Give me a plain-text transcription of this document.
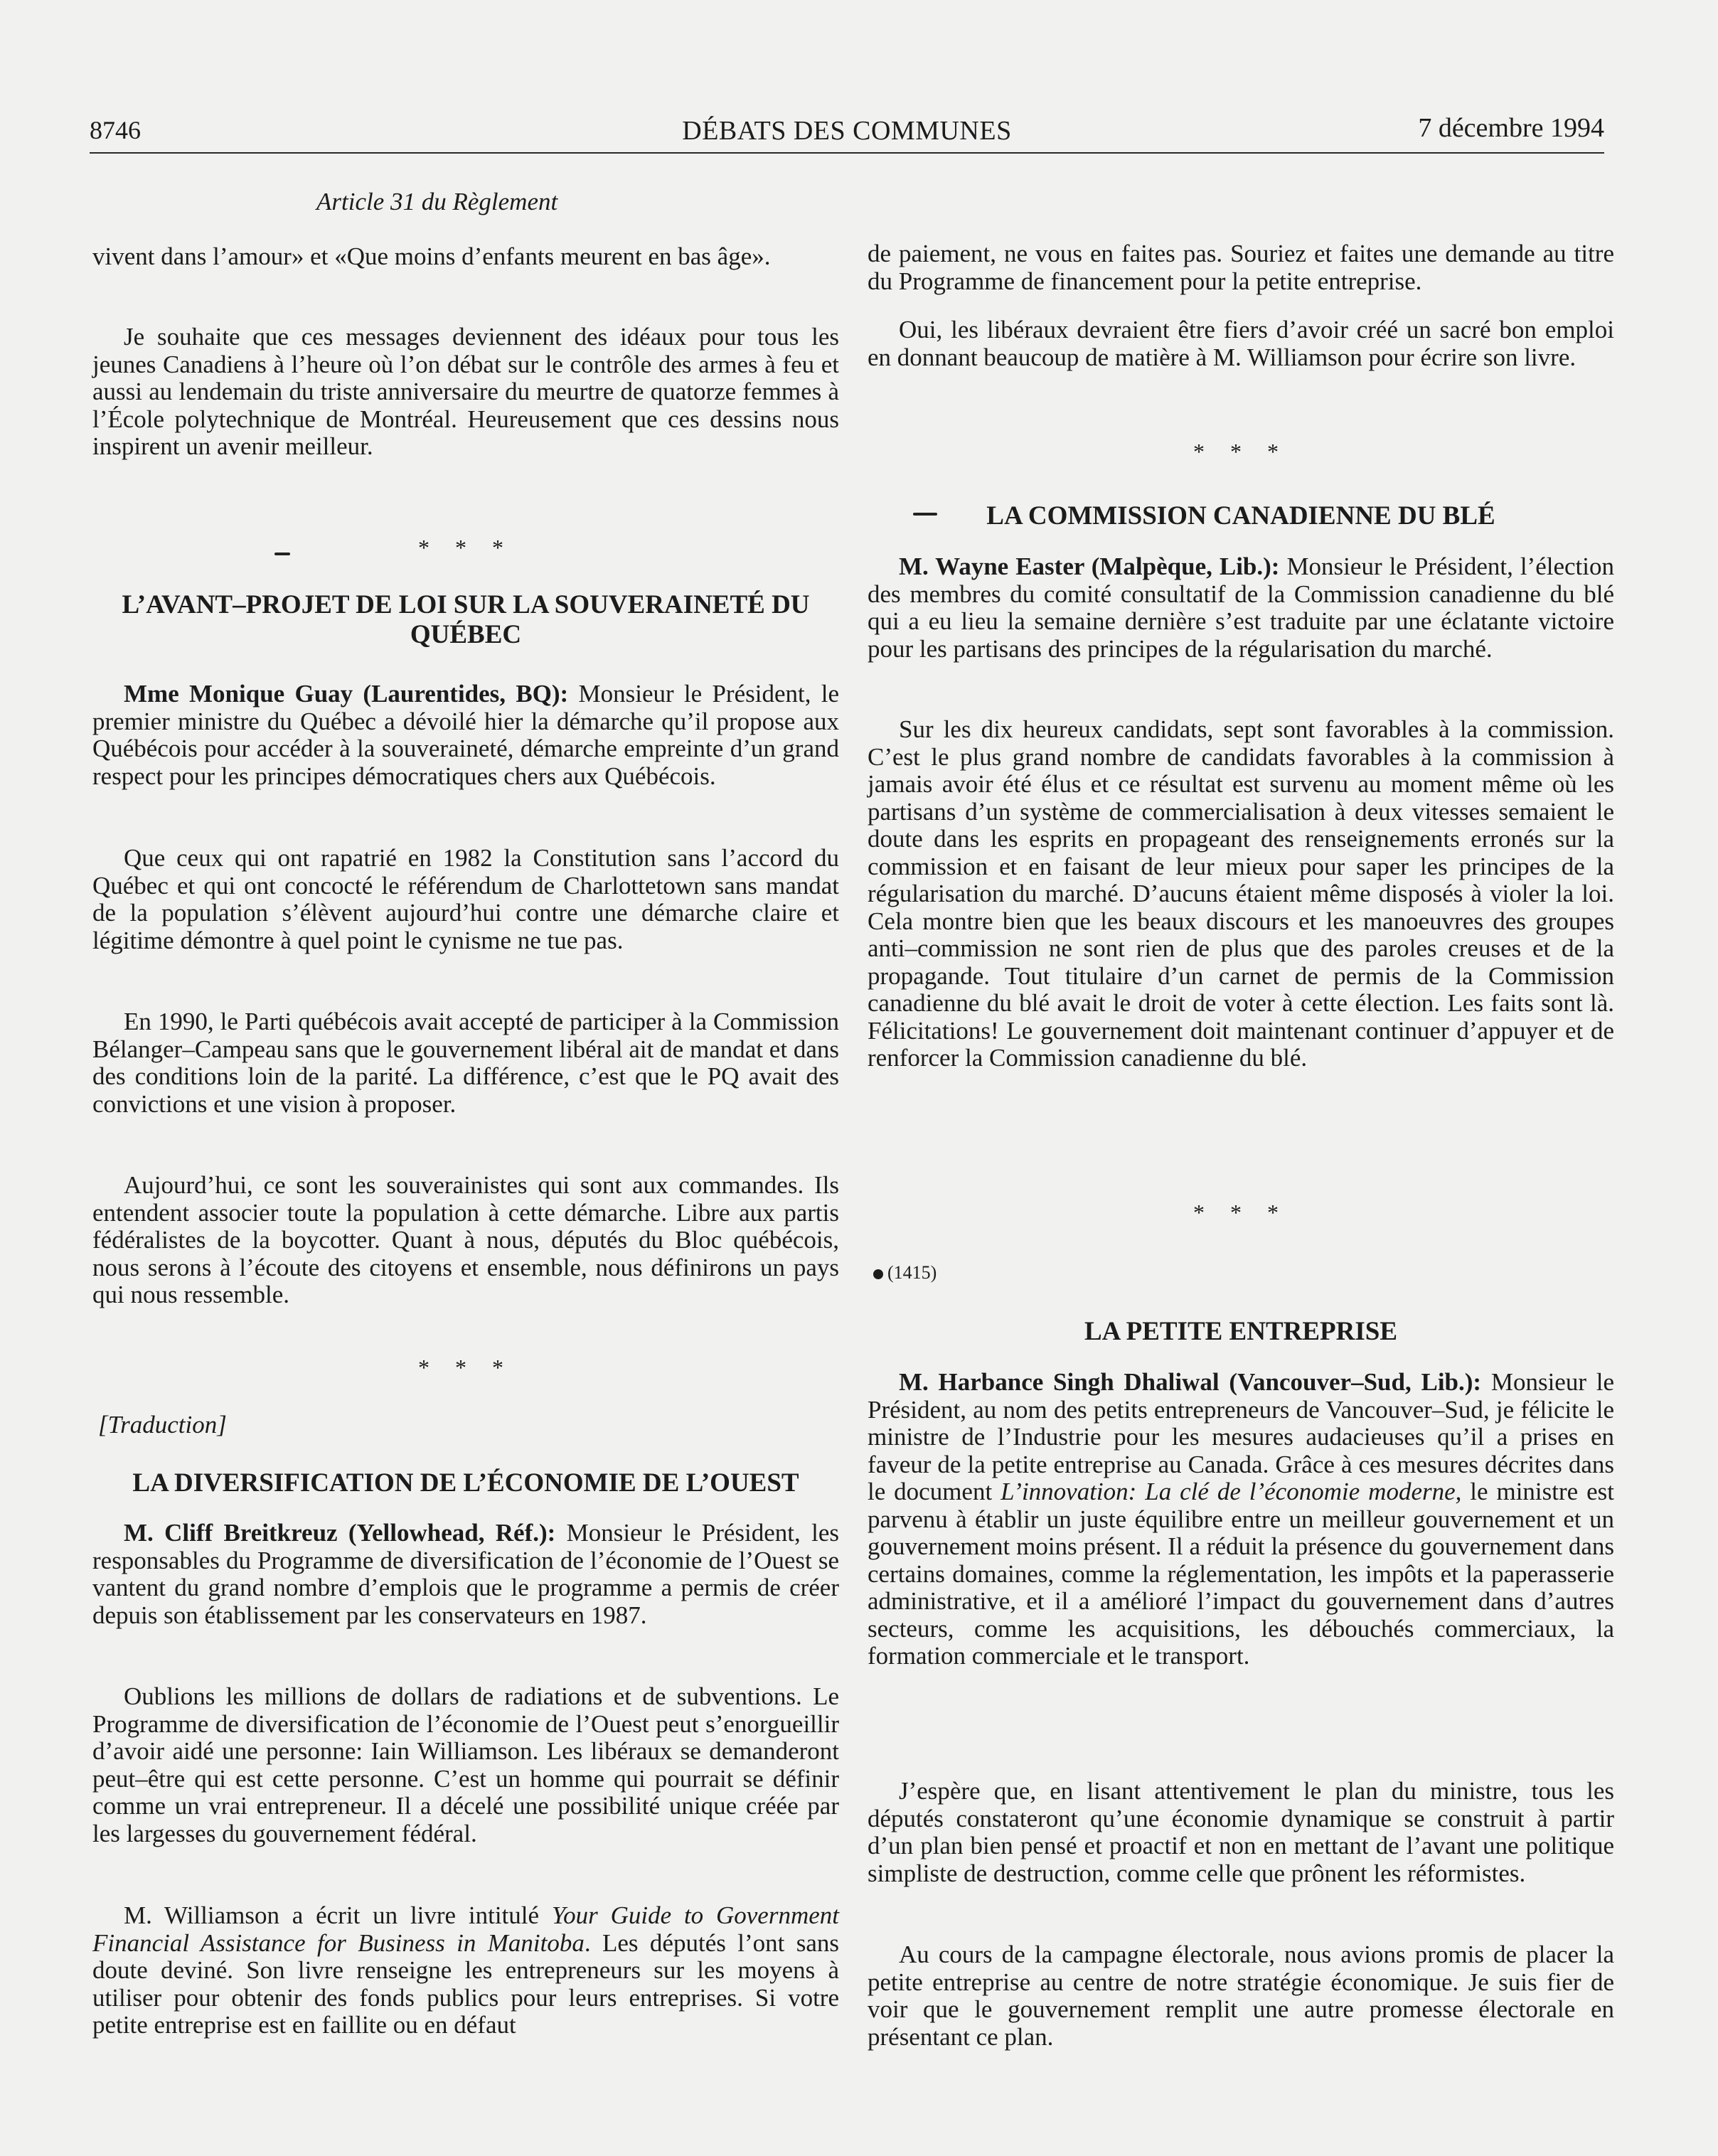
8746	DÉBATS DES COMMUNES	7 décembre 1994
Article 31 du Règlement

vivent dans l’amour» et «Que moins d’enfants meurent en bas âge».

Je souhaite que ces messages deviennent des idéaux pour tous les jeunes Canadiens à l’heure où l’on débat sur le contrôle des armes à feu et aussi au lendemain du triste anniversaire du meurtre de quatorze femmes à l’École polytechnique de Montréal. Heureusement que ces dessins nous inspirent un avenir meilleur.

* * *
L’AVANT–PROJET DE LOI SUR LA SOUVERAINETÉ DU QUÉBEC

Mme Monique Guay (Laurentides, BQ): Monsieur le Président, le premier ministre du Québec a dévoilé hier la démarche qu’il propose aux Québécois pour accéder à la souveraineté, démarche empreinte d’un grand respect pour les principes démocratiques chers aux Québécois.

Que ceux qui ont rapatrié en 1982 la Constitution sans l’accord du Québec et qui ont concocté le référendum de Charlottetown sans mandat de la population s’élèvent aujourd’hui contre une démarche claire et légitime démontre à quel point le cynisme ne tue pas.

En 1990, le Parti québécois avait accepté de participer à la Commission Bélanger–Campeau sans que le gouvernement libéral ait de mandat et dans des conditions loin de la parité. La différence, c’est que le PQ avait des convictions et une vision à proposer.

Aujourd’hui, ce sont les souverainistes qui sont aux commandes. Ils entendent associer toute la population à cette démarche. Libre aux partis fédéralistes de la boycotter. Quant à nous, députés du Bloc québécois, nous serons à l’écoute des citoyens et ensemble, nous définirons un pays qui nous ressemble.

* * *
[Traduction]
LA DIVERSIFICATION DE L’ÉCONOMIE DE L’OUEST

M. Cliff Breitkreuz (Yellowhead, Réf.): Monsieur le Président, les responsables du Programme de diversification de l’économie de l’Ouest se vantent du grand nombre d’emplois que le programme a permis de créer depuis son établissement par les conservateurs en 1987.

Oublions les millions de dollars de radiations et de subventions. Le Programme de diversification de l’économie de l’Ouest peut s’enorgueillir d’avoir aidé une personne: Iain Williamson. Les libéraux se demanderont peut–être qui est cette personne. C’est un homme qui pourrait se définir comme un vrai entrepreneur. Il a décelé une possibilité unique créée par les largesses du gouvernement fédéral.

M. Williamson a écrit un livre intitulé Your Guide to Government Financial Assistance for Business in Manitoba. Les députés l’ont sans doute deviné. Son livre renseigne les entrepreneurs sur les moyens à utiliser pour obtenir des fonds publics pour leurs entreprises. Si votre petite entreprise est en faillite ou en défaut

de paiement, ne vous en faites pas. Souriez et faites une demande au titre du Programme de financement pour la petite entreprise.

Oui, les libéraux devraient être fiers d’avoir créé un sacré bon emploi en donnant beaucoup de matière à M. Williamson pour écrire son livre.

* * *
LA COMMISSION CANADIENNE DU BLÉ

M. Wayne Easter (Malpèque, Lib.): Monsieur le Président, l’élection des membres du comité consultatif de la Commission canadienne du blé qui a eu lieu la semaine dernière s’est traduite par une éclatante victoire pour les partisans des principes de la régularisation du marché.

Sur les dix heureux candidats, sept sont favorables à la commission. C’est le plus grand nombre de candidats favorables à la commission à jamais avoir été élus et ce résultat est survenu au moment même où les partisans d’un système de commercialisation à deux vitesses semaient le doute dans les esprits en propageant des renseignements erronés sur la commission et en faisant de leur mieux pour saper les principes de la régularisation du marché. D’aucuns étaient même disposés à violer la loi. Cela montre bien que les beaux discours et les manoeuvres des groupes anti–commission ne sont rien de plus que des paroles creuses et de la propagande. Tout titulaire d’un carnet de permis de la Commission canadienne du blé avait le droit de voter à cette élection. Les faits sont là. Félicitations! Le gouvernement doit maintenant continuer d’appuyer et de renforcer la Commission canadienne du blé.

* * *
(1415)
LA PETITE ENTREPRISE

M. Harbance Singh Dhaliwal (Vancouver–Sud, Lib.): Monsieur le Président, au nom des petits entrepreneurs de Vancouver–Sud, je félicite le ministre de l’Industrie pour les mesures audacieuses qu’il a prises en faveur de la petite entreprise au Canada. Grâce à ces mesures décrites dans le document L’innovation: La clé de l’économie moderne, le ministre est parvenu à établir un juste équilibre entre un meilleur gouvernement et un gouvernement moins présent. Il a réduit la présence du gouvernement dans certains domaines, comme la réglementation, les impôts et la paperasserie administrative, et il a amélioré l’impact du gouvernement dans d’autres secteurs, comme les acquisitions, les débouchés commerciaux, la formation commerciale et le transport.

J’espère que, en lisant attentivement le plan du ministre, tous les députés constateront qu’une économie dynamique se construit à partir d’un plan bien pensé et proactif et non en mettant de l’avant une politique simpliste de destruction, comme celle que prônent les réformistes.

Au cours de la campagne électorale, nous avions promis de placer la petite entreprise au centre de notre stratégie économique. Je suis fier de voir que le gouvernement remplit une autre promesse électorale en présentant ce plan.
